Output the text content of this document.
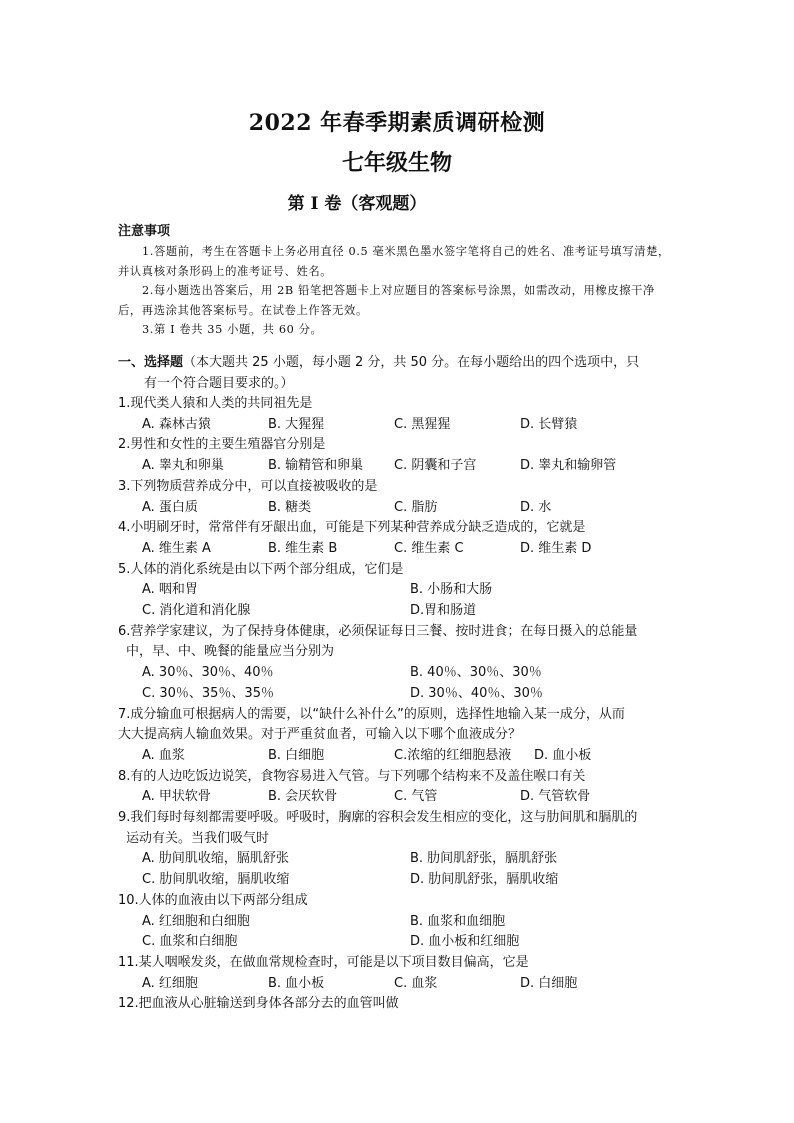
2022 年春季期素质调研检测
七年级生物
第 I 卷（客观题）
注意事项

1.答题前，考生在答题卡上务必用直径 0.5 毫米黑色墨水签字笔将自己的姓名、准考证号填写清楚，并认真核对条形码上的准考证号、姓名。

2.每小题选出答案后，用 2B 铅笔把答题卡上对应题目的答案标号涂黑，如需改动，用橡皮擦干净后，再选涂其他答案标号。在试卷上作答无效。

3.第 I 卷共 35 小题，共 60 分。

一、选择题（本大题共 25 小题，每小题 2 分，共 50 分。在每小题给出的四个选项中，只
有一个符合题目要求的。）
1.现代类人猿和人类的共同祖先是
A. 森林古猿	B. 大猩猩	C. 黑猩猩	D. 长臂猿
2.男性和女性的主要生殖器官分别是
A. 睾丸和卵巢	B. 输精管和卵巢	C. 阴囊和子宫	D. 睾丸和输卵管
3.下列物质营养成分中，可以直接被吸收的是
A. 蛋白质	B. 糖类	C. 脂肪	D. 水
4.小明刷牙时，常常伴有牙龈出血，可能是下列某种营养成分缺乏造成的，它就是
A. 维生素 A	B. 维生素 B	C. 维生素 C	D. 维生素 D
5.人体的消化系统是由以下两个部分组成，它们是
A. 咽和胃	B. 小肠和大肠
C. 消化道和消化腺	D.胃和肠道
6.营养学家建议，为了保持身体健康，必须保证每日三餐、按时进食；在每日摄入的总能量
中，早、中、晚餐的能量应当分别为
A. 30％、30％、40％	B. 40％、30％、30％
C. 30％、35％、35％	D. 30％、40％、30％
7.成分输血可根据病人的需要，以“缺什么补什么”的原则，选择性地输入某一成分，从而
大大提高病人输血效果。对于严重贫血者，可输入以下哪个血液成分？
A. 血浆	B. 白细胞	C.浓缩的红细胞悬液	D. 血小板
8.有的人边吃饭边说笑，食物容易进入气管。与下列哪个结构来不及盖住喉口有关
A. 甲状软骨	B. 会厌软骨	C. 气管	D. 气管软骨
9.我们每时每刻都需要呼吸。呼吸时，胸廓的容积会发生相应的变化，这与肋间肌和膈肌的
运动有关。当我们吸气时
A. 肋间肌收缩，膈肌舒张	B. 肋间肌舒张，膈肌舒张
C. 肋间肌收缩，膈肌收缩	D. 肋间肌舒张，膈肌收缩
10.人体的血液由以下两部分组成
A. 红细胞和白细胞	B. 血浆和血细胞
C. 血浆和白细胞	D. 血小板和红细胞
11.某人咽喉发炎，在做血常规检查时，可能是以下项目数目偏高，它是
A. 红细胞	B. 血小板	C. 血浆	D. 白细胞
12.把血液从心脏输送到身体各部分去的血管叫做
